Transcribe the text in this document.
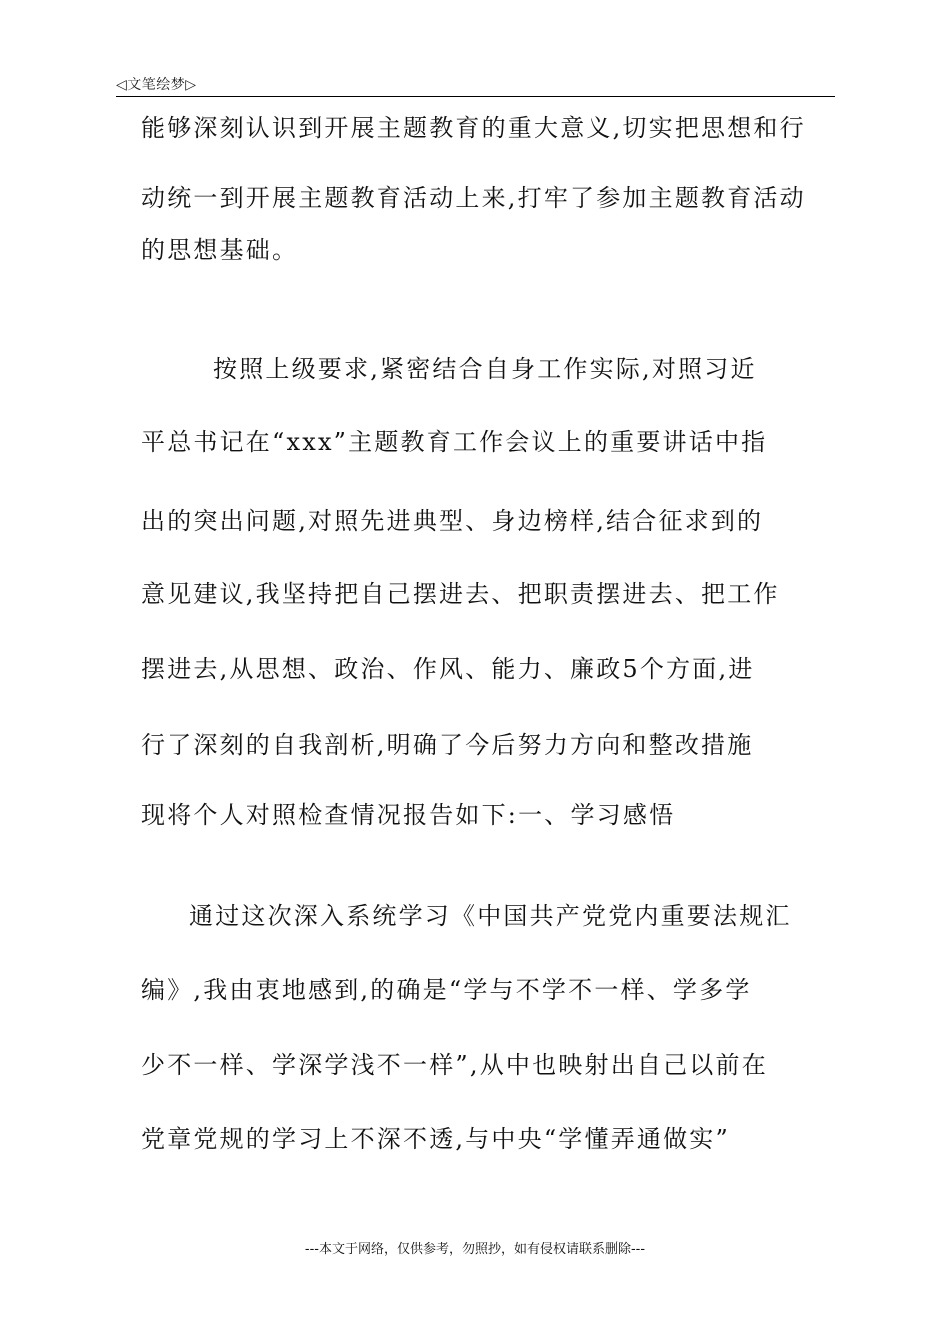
◁文笔绘梦▷
能够深刻认识到开展主题教育的重大意义,切实把思想和行
动统一到开展主题教育活动上来,打牢了参加主题教育活动
的思想基础。
按照上级要求,紧密结合自身工作实际,对照习近
平总书记在“xxx”主题教育工作会议上的重要讲话中指
出的突出问题,对照先进典型、身边榜样,结合征求到的
意见建议,我坚持把自己摆进去、把职责摆进去、把工作
摆进去,从思想、政治、作风、能力、廉政5个方面,进
行了深刻的自我剖析,明确了今后努力方向和整改措施
现将个人对照检查情况报告如下:一、学习感悟
通过这次深入系统学习《中国共产党党内重要法规汇
编》,我由衷地感到,的确是“学与不学不一样、学多学
少不一样、学深学浅不一样”,从中也映射出自己以前在
党章党规的学习上不深不透,与中央“学懂弄通做实”
---本文于网络，仅供参考，勿照抄，如有侵权请联系删除---
